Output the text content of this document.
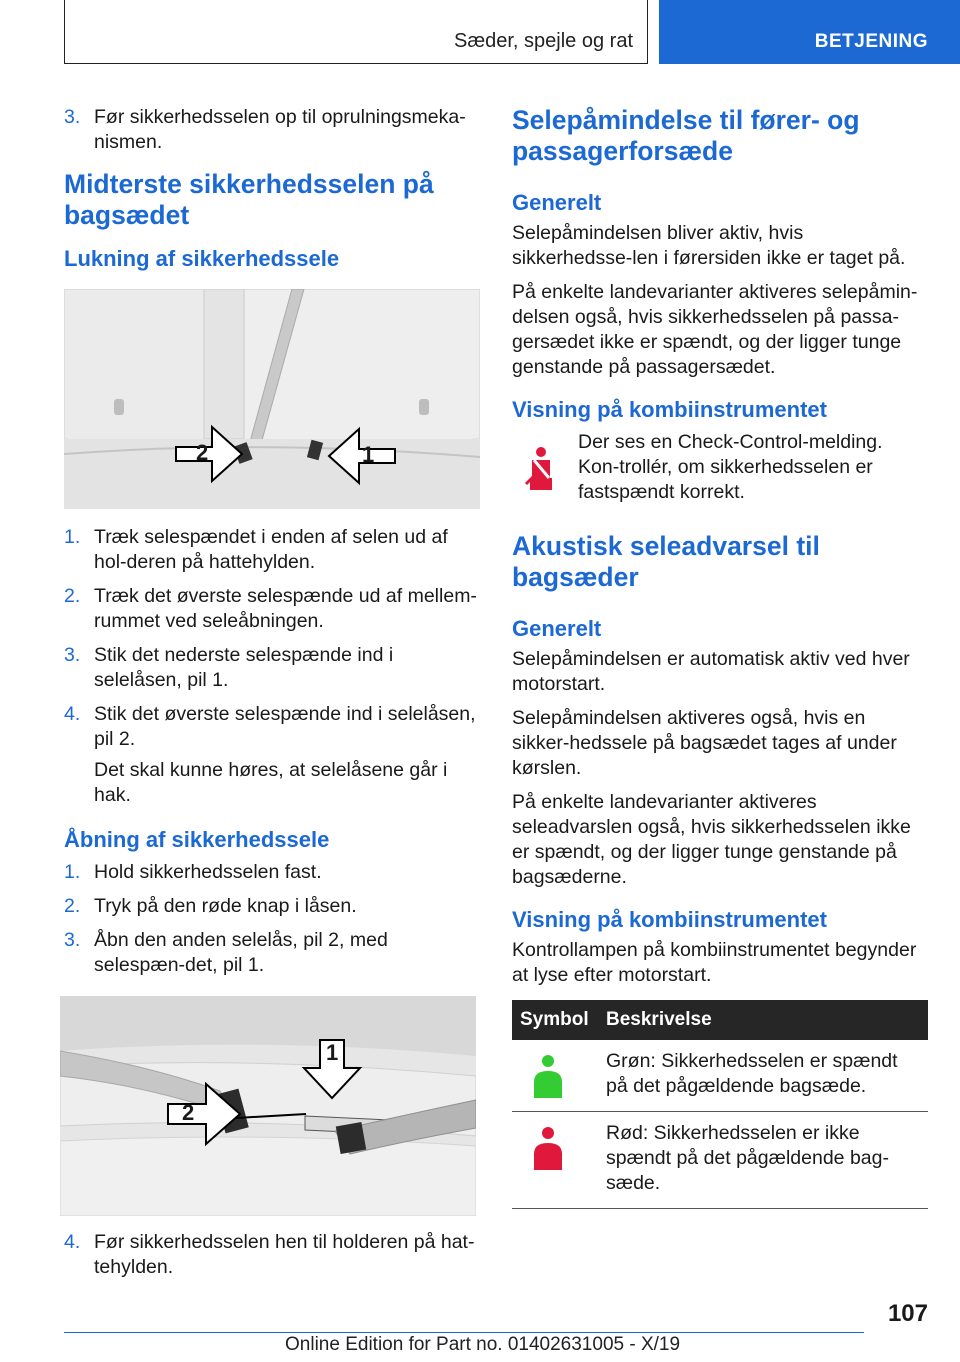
Sæder, spejle og rat	BETJENING
3. Før sikkerhedsselen op til oprulningsmeka-nismen.
Midterste sikkerhedsselen på bagsædet
Lukning af sikkerhedssele
2	1
1. Træk selespændet i enden af selen ud af hol-deren på hattehylden.
2. Træk det øverste selespænde ud af mellem-rummet ved seleåbningen.
3. Stik det nederste selespænde ind i selelåsen, pil 1.
4. Stik det øverste selespænde ind i selelåsen, pil 2.
Det skal kunne høres, at selelåsene går i hak.
Åbning af sikkerhedssele
1. Hold sikkerhedsselen fast.
2. Tryk på den røde knap i låsen.
3. Åbn den anden selelås, pil 2, med selespæn-det, pil 1.
2
1
4. Før sikkerhedsselen hen til holderen på hat-tehylden.
Selepåmindelse til fører- og passagerforsæde
Generelt

Selepåmindelsen bliver aktiv, hvis sikkerhedsse-len i førersiden ikke er taget på.

På enkelte landevarianter aktiveres selepåmin-delsen også, hvis sikkerhedsselen på passa-gersædet ikke er spændt, og der ligger tunge genstande på passagersædet.

Visning på kombiinstrumentet

Der ses en Check-Control-melding. Kon-trollér, om sikkerhedsselen er fastspændt korrekt.

Akustisk seleadvarsel til bagsæder
Generelt

Selepåmindelsen er automatisk aktiv ved hver motorstart.

Selepåmindelsen aktiveres også, hvis en sikker-hedssele på bagsædet tages af under kørslen.

På enkelte landevarianter aktiveres seleadvarslen også, hvis sikkerhedsselen ikke er spændt, og der ligger tunge genstande på bagsæderne.

Visning på kombiinstrumentet

Kontrollampen på kombiinstrumentet begynder at lyse efter motorstart.

Symbol Beskrivelse
Grøn: Sikkerhedsselen er spændt på det pågældende bagsæde.
Rød: Sikkerhedsselen er ikke spændt på det pågældende bag-sæde.
107
Online Edition for Part no. 01402631005 - X/19
